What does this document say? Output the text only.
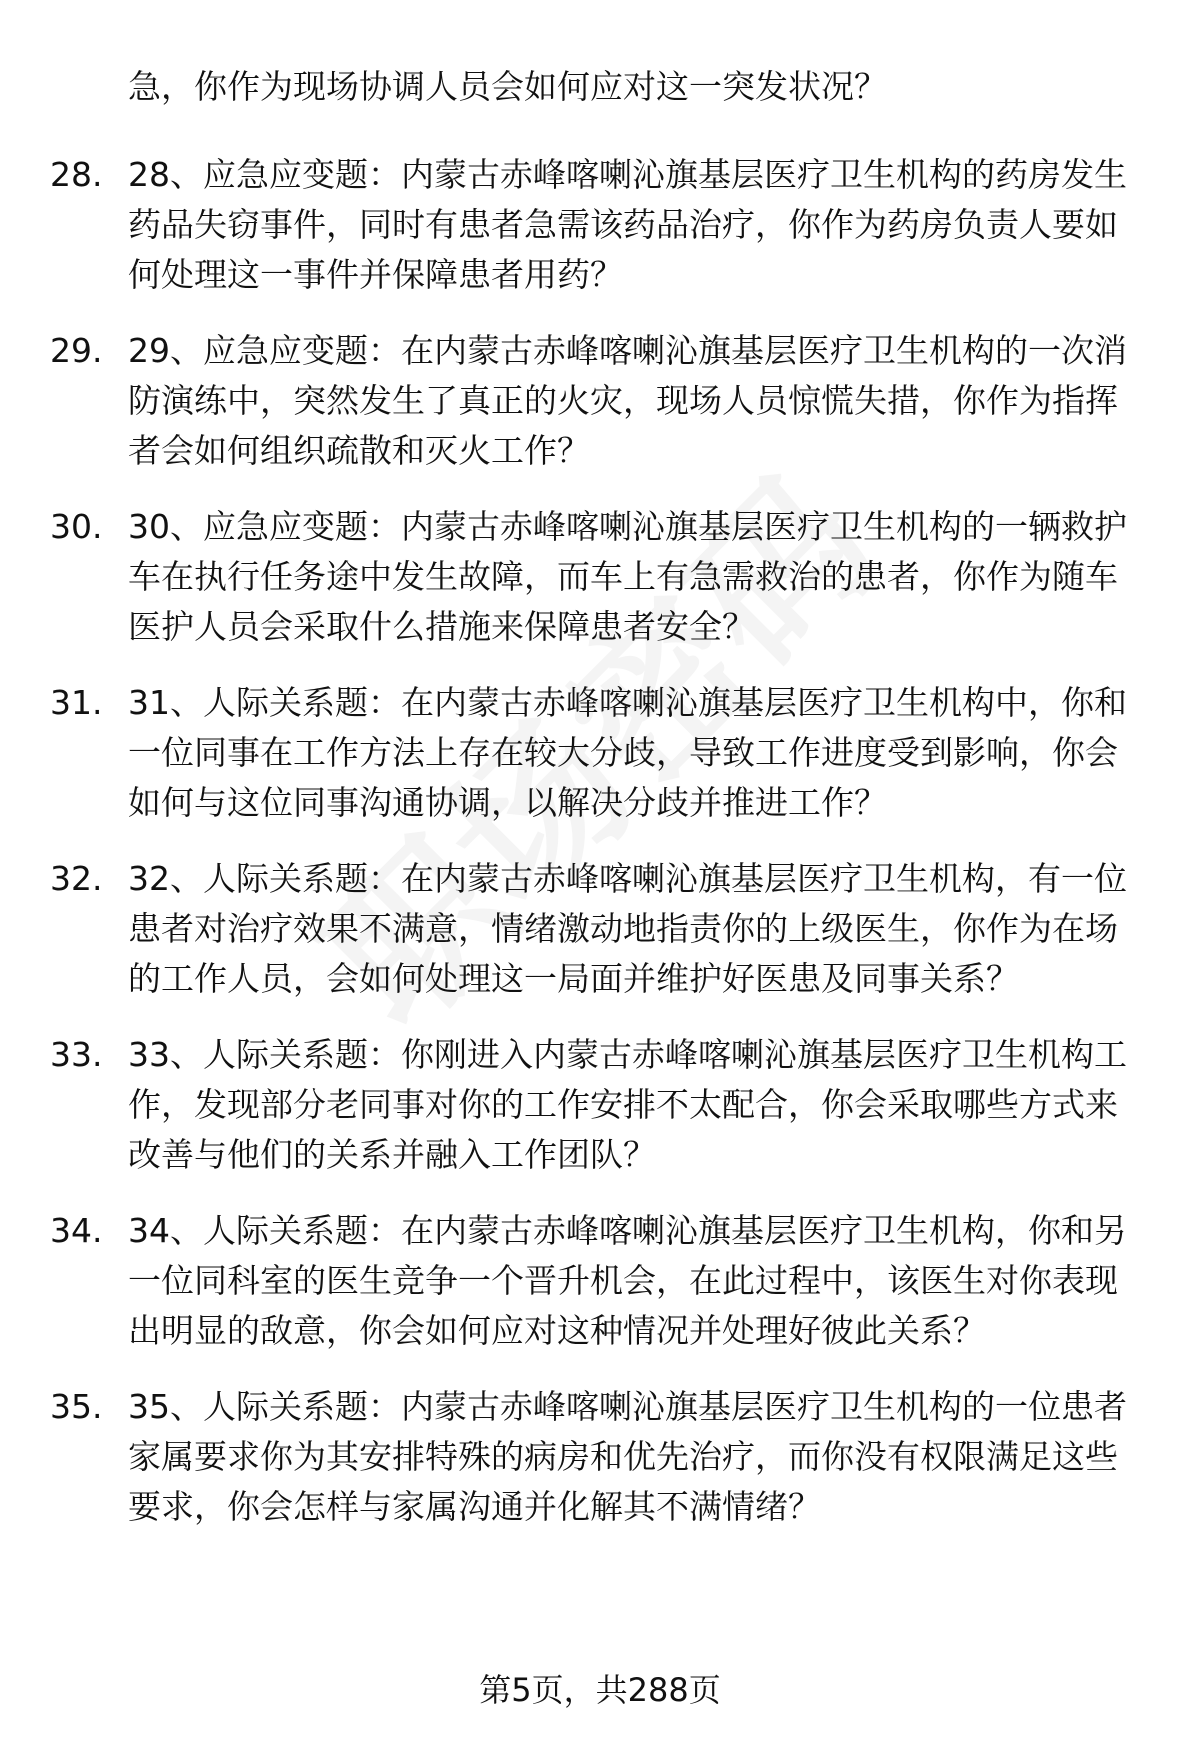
急，你作为现场协调人员会如何应对这一突发状况？

28. 28、应急应变题：内蒙古赤峰喀喇沁旗基层医疗卫生机构的药房发生药品失窃事件，同时有患者急需该药品治疗，你作为药房负责人要如何处理这一事件并保障患者用药？
29. 29、应急应变题：在内蒙古赤峰喀喇沁旗基层医疗卫生机构的一次消防演练中，突然发生了真正的火灾，现场人员惊慌失措，你作为指挥者会如何组织疏散和灭火工作？
30. 30、应急应变题：内蒙古赤峰喀喇沁旗基层医疗卫生机构的一辆救护车在执行任务途中发生故障，而车上有急需救治的患者，你作为随车医护人员会采取什么措施来保障患者安全？
31. 31、人际关系题：在内蒙古赤峰喀喇沁旗基层医疗卫生机构中，你和一位同事在工作方法上存在较大分歧，导致工作进度受到影响，你会如何与这位同事沟通协调，以解决分歧并推进工作？
32. 32、人际关系题：在内蒙古赤峰喀喇沁旗基层医疗卫生机构，有一位患者对治疗效果不满意，情绪激动地指责你的上级医生，你作为在场的工作人员，会如何处理这一局面并维护好医患及同事关系？
33. 33、人际关系题：你刚进入内蒙古赤峰喀喇沁旗基层医疗卫生机构工作，发现部分老同事对你的工作安排不太配合，你会采取哪些方式来改善与他们的关系并融入工作团队？
34. 34、人际关系题：在内蒙古赤峰喀喇沁旗基层医疗卫生机构，你和另一位同科室的医生竞争一个晋升机会，在此过程中，该医生对你表现出明显的敌意，你会如何应对这种情况并处理好彼此关系？
35. 35、人际关系题：内蒙古赤峰喀喇沁旗基层医疗卫生机构的一位患者家属要求你为其安排特殊的病房和优先治疗，而你没有权限满足这些要求，你会怎样与家属沟通并化解其不满情绪？
第5页，共288页
